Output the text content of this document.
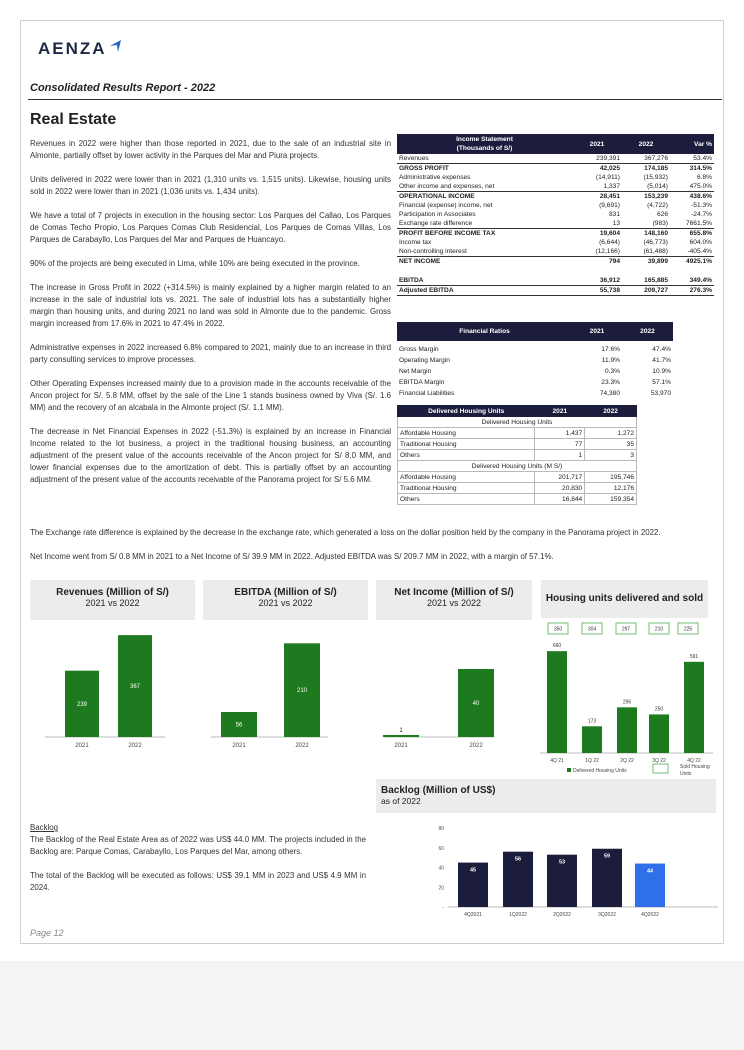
AENZA
Consolidated Results Report - 2022
Real Estate

Revenues in 2022 were higher than those reported in 2021, due to the sale of an industrial site in Almonte, partially offset by lower activity in the Parques del Mar and Piura projects.

Units delivered in 2022 were lower than in 2021 (1,310 units vs. 1,515 units). Likewise, housing units sold in 2022 were lower than in 2021 (1,036 units vs. 1,434 units).

We have a total of 7 projects in execution in the housing sector: Los Parques del Callao, Los Parques de Comas Techo Propio, Los Parques Comas Club Residencial, Los Parques de Comas Villas, Los Parques de Carabayllo, Los Parques del Mar and Parques de Huancayo.

90% of the projects are being executed in Lima, while 10% are being executed in the province.

The increase in Gross Profit in 2022 (+314.5%) is mainly explained by a higher margin related to an increase in the sale of industrial lots vs. 2021. The sale of industrial lots has a substantially higher margin than housing units, and during 2021 no land was sold in Almonte due to the pandemic. Gross margin increased from 17.6% in 2021 to 47.4% in 2022.

Administrative expenses in 2022 increased 6.8% compared to 2021, mainly due to an increase in third party consulting services to improve processes.

Other Operating Expenses increased mainly due to a provision made in the accounts receivable of the Ancon project for S/. 5.8 MM, offset by the sale of the Line 1 stands business owned by Viva (S/. 1.6 MM) and the recovery of an alcabala in the Almonte project (S/. 1.1 MM).

The decrease in Net Financial Expenses in 2022 (-51.3%) is explained by an increase in Financial Income related to the lot business, a project in the traditional housing business, an accounting adjustment of the present value of the accounts receivable of the Ancon project for S/ 8.0 MM, and lower financial expenses due to the amortization of debt. This is partially offset by an accounting adjustment of the present value of the accounts receivable of the Panorama project for S/ 5.6 MM.

The Exchange rate difference is explained by the decrease in the exchange rate, which generated a loss on the dollar position held by the company in the Panorama project in 2022.

Net Income went from S/ 0.8 MM in 2021 to a Net Income of S/ 39.9 MM in 2022. Adjusted EBITDA was S/ 209.7 MM in 2022, with a margin of 57.1%.

Income Statement
(Thousands of S/)	2021	2022	Var %
Revenues	239,391	367,276	53.4%
GROSS PROFIT	42,025	174,185	314.5%
Administrative expenses	(14,911)	(15,932)	6.8%
Other income and expenses, net	1,337	(5,014)	475.0%
OPERATIONAL INCOME	28,451	153,239	438.6%
Financial (expense) income, net	(9,691)	(4,722)	-51.3%
Participation in Associates	831	626	-24.7%
Exchange rate difference	13	(983)	7661.5%
PROFIT BEFORE INCOME TAX	19,604	148,160	655.8%
Income tax	(6,644)	(46,773)	604.0%
Non-controlling interest	(12,166)	(61,488)	-405.4%
NET INCOME	794	39,899	4925.1%

EBITDA	36,912	165,885	349.4%
Adjusted EBITDA	55,738	209,727	276.3%
Financial Ratios	2021	2022

Gross Margin	17.6%	47.4%
Operating Margin	11.9%	41.7%
Net Margin	0.3%	10.9%
EBITDA Margin	23.3%	57.1%
Financial Liabilities	74,380	53,970
Delivered Housing Units	2021	2022
Delivered Housing Units		
Affordable Housing	1,437	1,272
Traditional Housing	77	35
Others	1	3
Delivered Housing Units (M S/)		
Affordable Housing	201,717	195,746
Traditional Housing	20,830	12,176
Others	16,844	159,354
Revenues (Million of S/)
2021 vs 2022
EBITDA (Million of S/)
2021 vs 2022
Net Income (Million of S/)
2021 vs 2022	Housing units delivered and sold
239
2021
367
2022
56
2021
210
2022
1
2021
40
2022
660
4Q 21
173
1Q 22
296
2Q 22
250
3Q 22
591
4Q 22
350	304	297	210	225
Delivered Housing Units
Sold Housing Units
Backlog (Million of US$)
as of 2022
-
20
40
60
80
45
4Q2021
56
1Q2022
53
2Q2022
59
3Q2022
44
4Q2022

Backlog

The Backlog of the Real Estate Area as of 2022 was US$ 44.0 MM. The projects included in the Backlog are: Parque Comas, Carabayllo, Los Parques del Mar, among others.

The total of the Backlog will be executed as follows: US$ 39.1 MM in 2023 and US$ 4.9 MM in 2024.

Page 12
